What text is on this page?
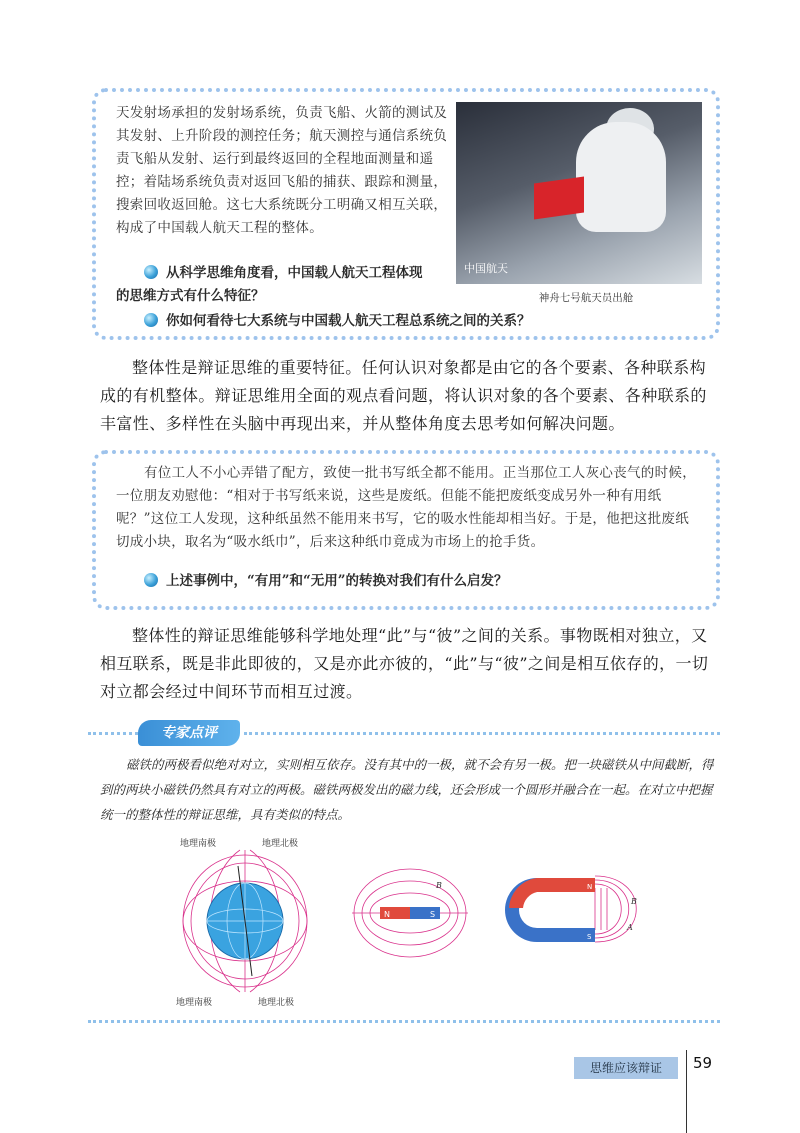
天发射场承担的发射场系统，负责飞船、火箭的测试及其发射、上升阶段的测控任务；航天测控与通信系统负责飞船从发射、运行到最终返回的全程地面测量和遥控；着陆场系统负责对返回飞船的捕获、跟踪和测量，搜索回收返回舱。这七大系统既分工明确又相互关联，构成了中国载人航天工程的整体。
中国航天
神舟七号航天员出舱
从科学思维角度看，中国载人航天工程体现
的思维方式有什么特征？
你如何看待七大系统与中国载人航天工程总系统之间的关系？
整体性是辩证思维的重要特征。任何认识对象都是由它的各个要素、各种联系构成的有机整体。辩证思维用全面的观点看问题，将认识对象的各个要素、各种联系的丰富性、多样性在头脑中再现出来，并从整体角度去思考如何解决问题。
有位工人不小心弄错了配方，致使一批书写纸全都不能用。正当那位工人灰心丧气的时候，一位朋友劝慰他：“相对于书写纸来说，这些是废纸。但能不能把废纸变成另外一种有用纸呢？”这位工人发现，这种纸虽然不能用来书写，它的吸水性能却相当好。于是，他把这批废纸切成小块，取名为“吸水纸巾”，后来这种纸巾竟成为市场上的抢手货。
上述事例中，“有用”和“无用”的转换对我们有什么启发？
整体性的辩证思维能够科学地处理“此”与“彼”之间的关系。事物既相对独立，又相互联系，既是非此即彼的，又是亦此亦彼的，“此”与“彼”之间是相互依存的，一切对立都会经过中间环节而相互过渡。
专家点评
磁铁的两极看似绝对对立，实则相互依存。没有其中的一极，就不会有另一极。把一块磁铁从中间截断，得到的两块小磁铁仍然具有对立的两极。磁铁两极发出的磁力线，还会形成一个圆形并融合在一起。在对立中把握统一的整体性的辩证思维，具有类似的特点。
地理南极	地理北极
地理南极	地理北极
N	S
B	N
S
B
A
思维应该辩证	59
